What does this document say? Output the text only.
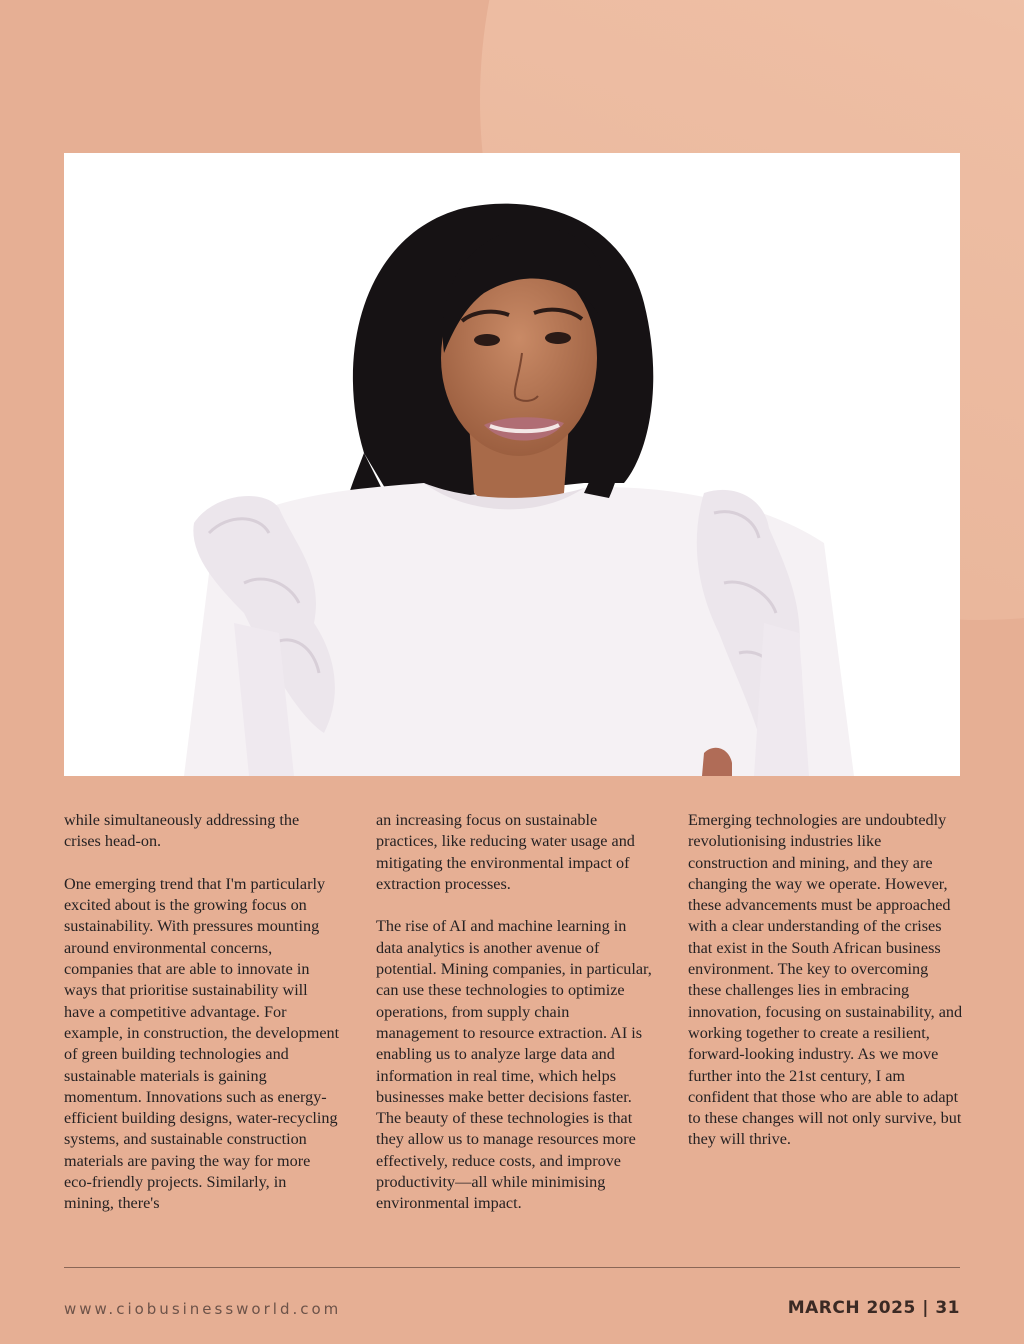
while simultaneously addressing the crises head-on.

One emerging trend that I'm particularly excited about is the growing focus on sustainability. With pressures mounting around environmental concerns, companies that are able to innovate in ways that prioritise sustainability will have a competitive advantage. For example, in construction, the development of green building technologies and sustainable materials is gaining momentum. Innovations such as energy-efficient building designs, water-recycling systems, and sustainable construction materials are paving the way for more eco-friendly projects. Similarly, in mining, there's

an increasing focus on sustainable practices, like reducing water usage and mitigating the environmental impact of extraction processes.

The rise of AI and machine learning in data analytics is another avenue of potential. Mining companies, in particular, can use these technologies to optimize operations, from supply chain management to resource extraction. AI is enabling us to analyze large data and information in real time, which helps businesses make better decisions faster. The beauty of these technologies is that they allow us to manage resources more effectively, reduce costs, and improve productivity—all while minimising environmental impact.

Emerging technologies are undoubtedly revolutionising industries like construction and mining, and they are changing the way we operate. However, these advancements must be approached with a clear understanding of the crises that exist in the South African business environment. The key to overcoming these challenges lies in embracing innovation, focusing on sustainability, and working together to create a resilient, forward-looking industry. As we move further into the 21st century, I am confident that those who are able to adapt to these changes will not only survive, but they will thrive.

www.ciobusinessworld.com	MARCH 2025 | 31
